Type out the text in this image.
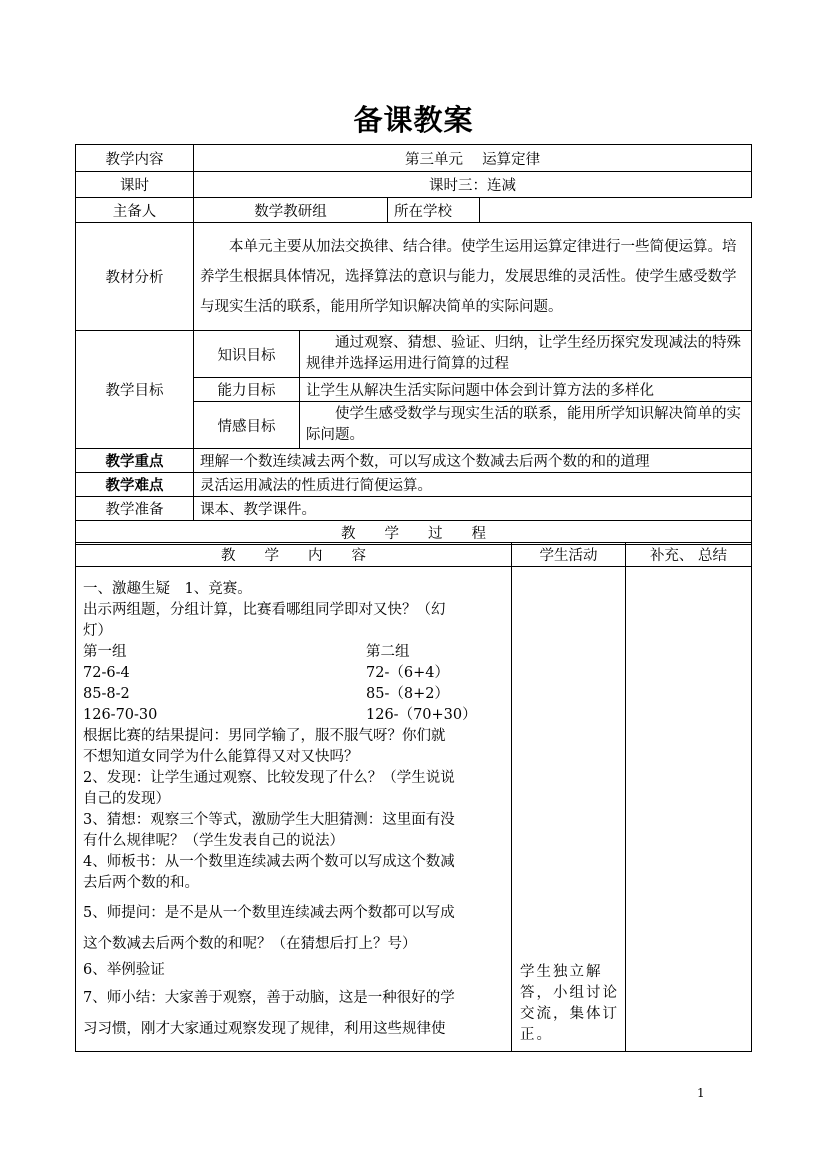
备课教案
教学内容	第三单元　 运算定律			
课时	课时三：连减			
主备人	数学教研组		所在学校	
教材分析	本单元主要从加法交换律、结合律。使学生运用运算定律进行一些简便运算。培养学生根据具体情况，选择算法的意识与能力，发展思维的灵活性。使学生感受数学与现实生活的联系，能用所学知识解决简单的实际问题。			
教学目标	知识目标	通过观察、猜想、验证、归纳，让学生经历探究发现减法的特殊规律并选择运用进行简算的过程		
	能力目标	让学生从解决生活实际问题中体会到计算方法的多样化		
	情感目标	使学生感受数学与现实生活的联系，能用所学知识解决简单的实际问题。		
教学重点	理解一个数连续减去两个数，可以写成这个数减去后两个数的和的道理			
教学难点	灵活运用减法的性质进行简便运算。			
教学准备	课本、教学课件。			
教　　学　　过　　程				
教　　学　　内　　容	学生活动	补充、 总结
一、激趣生疑　1、竞赛。
出示两组题，分组计算，比赛看哪组同学即对又快？（幻
灯）
第一组	第二组
72-6-4	72-（6+4）
85-8-2	85-（8+2）
126-70-30	126-（70+30）
根据比赛的结果提问：男同学输了，服不服气呀？你们就
不想知道女同学为什么能算得又对又快吗？
2、发现：让学生通过观察、比较发现了什么？（学生说说
自己的发现）
3、猜想：观察三个等式，激励学生大胆猜测：这里面有没
有什么规律呢？（学生发表自己的说法）
4、师板书：从一个数里连续减去两个数可以写成这个数减
去后两个数的和。
5、师提问：是不是从一个数里连续减去两个数都可以写成
这个数减去后两个数的和呢？（在猜想后打上？号）
6、举例验证
7、师小结：大家善于观察，善于动脑，这是一种很好的学
习习惯，刚才大家通过观察发现了规律，利用这些规律使

学生独立解答，小组讨论交流，集体订正。
1
